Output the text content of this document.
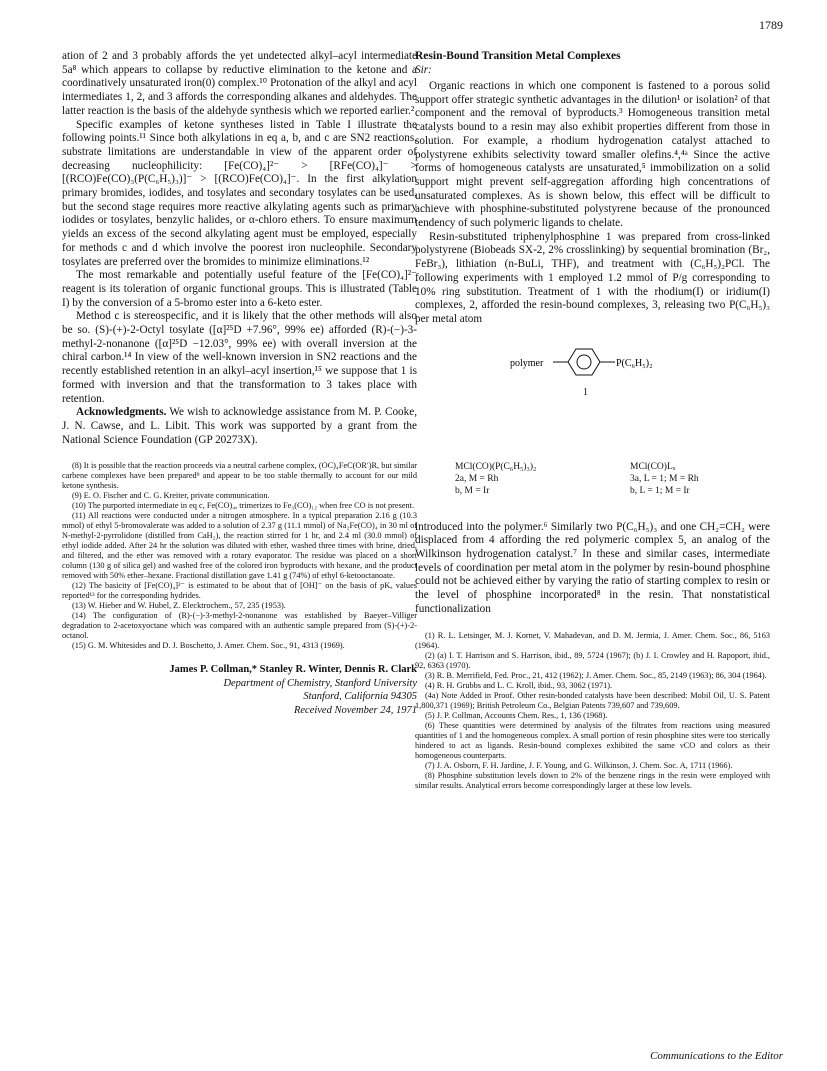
1789

ation of 2 and 3 probably affords the yet undetected alkyl–acyl intermediate 5a⁸ which appears to collapse by reductive elimination to the ketone and a coordinatively unsaturated iron(0) complex.¹⁰ Protonation of the alkyl and acyl intermediates 1, 2, and 3 affords the corresponding alkanes and aldehydes. The latter reaction is the basis of the aldehyde synthesis which we reported earlier.²

Specific examples of ketone syntheses listed in Table I illustrate the following points.¹¹ Since both alkylations in eq a, b, and c are SN2 reactions, substrate limitations are understandable in view of the apparent order of decreasing nucleophilicity: [Fe(CO)₄]²⁻ > [RFe(CO)₄]⁻ > [(RCO)Fe(CO)₃(P(C₆H₅)₃)]⁻ > [(RCO)Fe(CO)₄]⁻. In the first alkylation primary bromides, iodides, and tosylates and secondary tosylates can be used, but the second stage requires more reactive alkylating agents such as primary iodides or tosylates, benzylic halides, or α-chloro ethers. To ensure maximum yields an excess of the second alkylating agent must be employed, especially for methods c and d which involve the poorest iron nucleophile. Secondary tosylates are preferred over the bromides to minimize eliminations.¹²

The most remarkable and potentially useful feature of the [Fe(CO)₄]²⁻ reagent is its toleration of organic functional groups. This is illustrated (Table I) by the conversion of a 5-bromo ester into a 6-keto ester.

Method c is stereospecific, and it is likely that the other methods will also be so. (S)-(+)-2-Octyl tosylate ([α]²⁵D +7.96°, 99% ee) afforded (R)-(−)-3-methyl-2-nonanone ([α]²⁵D −12.03°, 99% ee) with overall inversion at the chiral carbon.¹⁴ In view of the well-known inversion in SN2 reactions and the recently established retention in an alkyl–acyl insertion,¹⁵ we suppose that 1 is formed with inversion and that the transformation to 3 takes place with retention.

Acknowledgments. We wish to acknowledge assistance from M. P. Cooke, J. N. Cawse, and L. Libit. This work was supported by a grant from the National Science Foundation (GP 20273X).

(8) It is possible that the reaction proceeds via a neutral carbene complex, (OC)₄FeC(OR′)R, but similar carbene complexes have been prepared⁹ and appear to be too stable thermally to account for our mild ketone synthesis.

(9) E. O. Fischer and C. G. Kreiter, private communication.

(10) The purported intermediate in eq c, Fe(CO)₄, trimerizes to Fe₃(CO)₁₂ when free CO is not present.

(11) All reactions were conducted under a nitrogen atmosphere. In a typical preparation 2.16 g (10.3 mmol) of ethyl 5-bromovalerate was added to a solution of 2.37 g (11.1 mmol) of Na₂Fe(CO)₄ in 30 ml of N-methyl-2-pyrrolidone (distilled from CaH₂), the reaction stirred for 1 hr, and 2.4 ml (30.0 mmol) of ethyl iodide added. After 24 hr the solution was diluted with ether, washed three times with brine, dried, and filtered, and the ether was removed with a rotary evaporator. The residue was placed on a short column (130 g of silica gel) and washed free of the colored iron byproducts with hexane, and the product removed with 50% ether–hexane. Fractional distillation gave 1.41 g (74%) of ethyl 6-ketooctanoate.

(12) The basicity of [Fe(CO)₄]²⁻ is estimated to be about that of [OH]⁻ on the basis of pKₐ values reported¹³ for the corresponding hydrides.

(13) W. Hieber and W. Hubel, Z. Elecktrochem., 57, 235 (1953).

(14) The configuration of (R)-(−)-3-methyl-2-nonanone was established by Baeyer–Villiger degradation to 2-acetoxyoctane which was compared with an authentic sample prepared from (S)-(+)-2-octanol.

(15) G. M. Whitesides and D. J. Boschetto, J. Amer. Chem. Soc., 91, 4313 (1969).

James P. Collman,* Stanley R. Winter, Dennis R. Clark
Department of Chemistry, Stanford University
Stanford, California 94305
Received November 24, 1971
Resin-Bound Transition Metal Complexes
Sir:

Organic reactions in which one component is fastened to a porous solid support offer strategic synthetic advantages in the dilution¹ or isolation² of that component and the removal of byproducts.³ Homogeneous transition metal catalysts bound to a resin may also exhibit properties different from those in solution. For example, a rhodium hydrogenation catalyst attached to polystyrene exhibits selectivity toward smaller olefins.⁴,⁴ᵃ Since the active forms of homogeneous catalysts are unsaturated,⁵ immobilization on a solid support might prevent self-aggregation affording high concentrations of unsaturated complexes. As is shown below, this effect will be difficult to achieve with phosphine-substituted polystyrene because of the pronounced tendency of such polymeric ligands to chelate.

Resin-substituted triphenylphosphine 1 was prepared from cross-linked polystyrene (Biobeads SX-2, 2% crosslinking) by sequential bromination (Br₂, FeBr₃), lithiation (n-BuLi, THF), and treatment with (C₆H₅)₂PCl. The following experiments with 1 employed 1.2 mmol of P/g corresponding to 10% ring substitution. Treatment of 1 with the rhodium(I) or iridium(I) complexes, 2, afforded the resin-bound complexes, 3, releasing two P(C₆H₅)₃ per metal atom

polymer	P(C₆H₅)₂
1
MCl(CO)(P(C₆H₅)₃)₂
2a, M = Rh
b, M = Ir
MCl(CO)Lₓ
3a, L = 1; M = Rh
b, L = 1; M = Ir

introduced into the polymer.⁶ Similarly two P(C₆H₅)₃ and one CH₂=CH₂ were displaced from 4 affording the red polymeric complex 5, an analog of the Wilkinson hydrogenation catalyst.⁷ In these and similar cases, intermediate levels of coordination per metal atom in the polymer by resin-bound phosphine could not be achieved either by varying the ratio of starting complex to resin or the level of phosphine incorporated⁸ in the resin. That nonstatistical functionalization

(1) R. L. Letsinger, M. J. Kornet, V. Mahadevan, and D. M. Jermia, J. Amer. Chem. Soc., 86, 5163 (1964).

(2) (a) I. T. Harrison and S. Harrison, ibid., 89, 5724 (1967); (b) J. I. Crowley and H. Rapoport, ibid., 92, 6363 (1970).

(3) R. B. Merrifield, Fed. Proc., 21, 412 (1962); J. Amer. Chem. Soc., 85, 2149 (1963); 86, 304 (1964).

(4) R. H. Grubbs and L. C. Kroll, ibid., 93, 3062 (1971).

(4a) Note Added in Proof. Other resin-bonded catalysts have been described: Mobil Oil, U. S. Patent 1,800,371 (1969); British Petroleum Co., Belgian Patents 739,607 and 739,609.

(5) J. P. Collman, Accounts Chem. Res., 1, 136 (1968).

(6) These quantities were determined by analysis of the filtrates from reactions using measured quantities of 1 and the homogeneous complex. A small portion of resin phosphine sites were too sterically hindered to act as ligands. Resin-bound complexes exhibited the same νCO and colors as their homogeneous counterparts.

(7) J. A. Osborn, F. H. Jardine, J. F. Young, and G. Wilkinson, J. Chem. Soc. A, 1711 (1966).

(8) Phosphine substitution levels down to 2% of the benzene rings in the resin were employed with similar results. Analytical errors become correspondingly larger at these low levels.

Communications to the Editor
